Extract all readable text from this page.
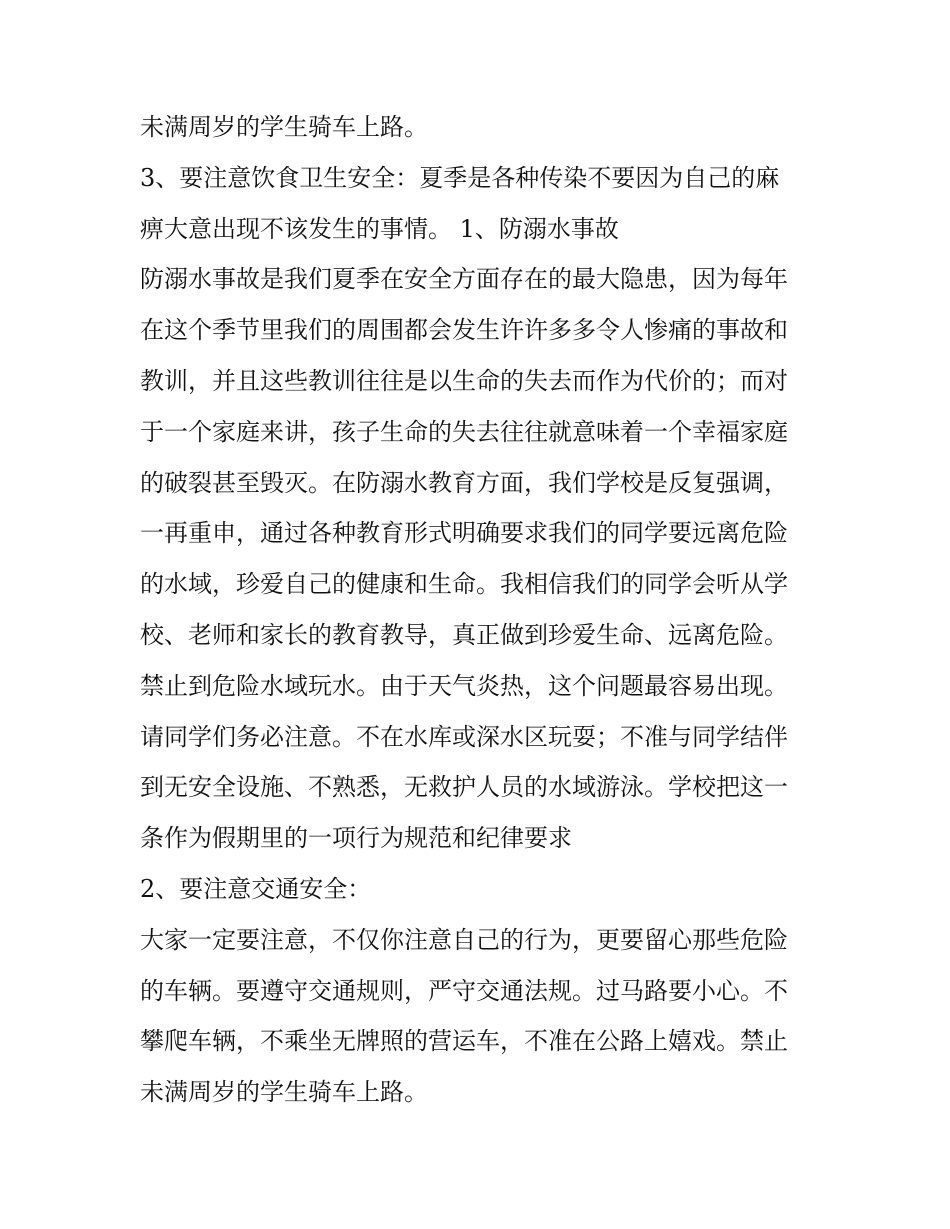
未满周岁的学生骑车上路。
3、要注意饮食卫生安全：夏季是各种传染不要因为自己的麻
痹大意出现不该发生的事情。 1、防溺水事故
防溺水事故是我们夏季在安全方面存在的最大隐患，因为每年
在这个季节里我们的周围都会发生许许多多令人惨痛的事故和
教训，并且这些教训往往是以生命的失去而作为代价的；而对
于一个家庭来讲，孩子生命的失去往往就意味着一个幸福家庭
的破裂甚至毁灭。在防溺水教育方面，我们学校是反复强调，
一再重申，通过各种教育形式明确要求我们的同学要远离危险
的水域，珍爱自己的健康和生命。我相信我们的同学会听从学
校、老师和家长的教育教导，真正做到珍爱生命、远离危险。
禁止到危险水域玩水。由于天气炎热，这个问题最容易出现。
请同学们务必注意。不在水库或深水区玩耍；不准与同学结伴
到无安全设施、不熟悉，无救护人员的水域游泳。学校把这一
条作为假期里的一项行为规范和纪律要求
2、要注意交通安全：
大家一定要注意，不仅你注意自己的行为，更要留心那些危险
的车辆。要遵守交通规则，严守交通法规。过马路要小心。不
攀爬车辆，不乘坐无牌照的营运车，不准在公路上嬉戏。禁止
未满周岁的学生骑车上路。
